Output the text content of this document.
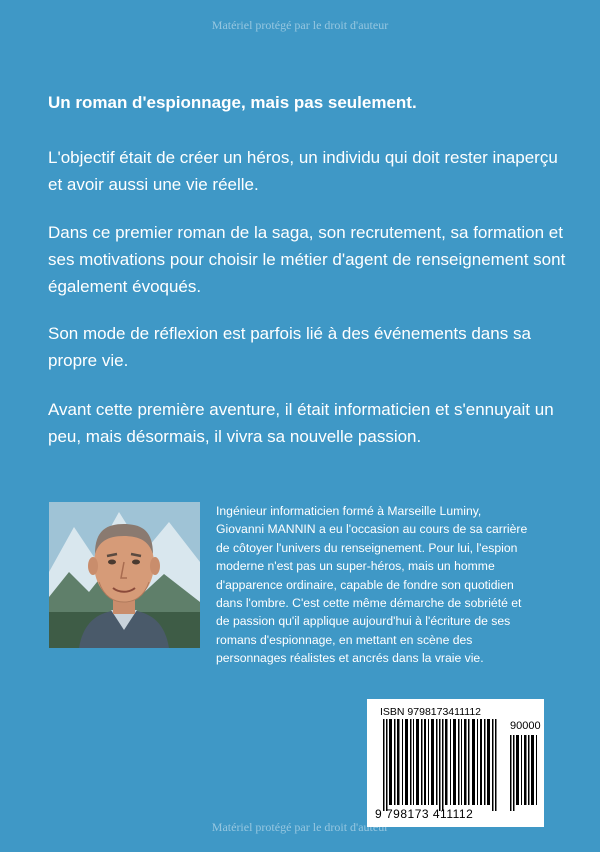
Matériel protégé par le droit d'auteur
Un roman d'espionnage, mais pas seulement.

L'objectif était de créer un héros, un individu qui doit rester inaperçu et avoir aussi une vie réelle.

Dans ce premier roman de la saga, son recrutement, sa formation et ses motivations pour choisir le métier d'agent de renseignement sont également évoqués.

Son mode de réflexion est parfois lié à des événements dans sa propre vie.

Avant cette première aventure, il était informaticien et s'ennuyait un peu, mais désormais, il vivra sa nouvelle passion.

Ingénieur informaticien formé à Marseille Luminy, Giovanni MANNIN a eu l'occasion au cours de sa carrière de côtoyer l'univers du renseignement. Pour lui, l'espion moderne n'est pas un super-héros, mais un homme d'apparence ordinaire, capable de fondre son quotidien dans l'ombre. C'est cette même démarche de sobriété et de passion qu'il applique aujourd'hui à l'écriture de ses romans d'espionnage, en mettant en scène des personnages réalistes et ancrés dans la vraie vie.

ISBN 9798173411112
90000
9 798173 411112
Matériel protégé par le droit d'auteur
